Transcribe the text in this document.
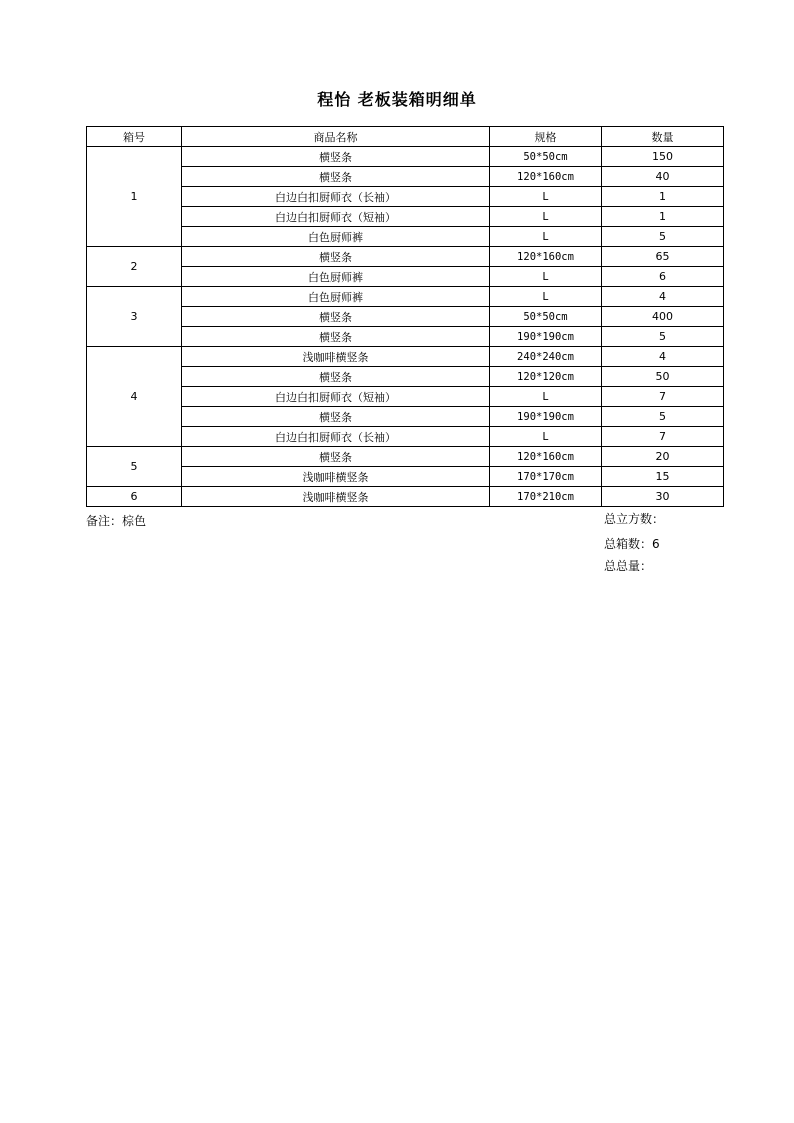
程怡 老板装箱明细单
箱号	商品名称	规格	数量
1	横竖条	50*50cm	150
	横竖条	120*160cm	40
	白边白扣厨师衣（长袖）	L	1
	白边白扣厨师衣（短袖）	L	1
	白色厨师裤	L	5
2	横竖条	120*160cm	65
	白色厨师裤	L	6
3	白色厨师裤	L	4
	横竖条	50*50cm	400
	横竖条	190*190cm	5
4	浅咖啡横竖条	240*240cm	4
	横竖条	120*120cm	50
	白边白扣厨师衣（短袖）	L	7
	横竖条	190*190cm	5
	白边白扣厨师衣（长袖）	L	7
5	横竖条	120*160cm	20
	浅咖啡横竖条	170*170cm	15
6	浅咖啡横竖条	170*210cm	30
备注：棕色	总立方数：
总箱数：6
总总量：
